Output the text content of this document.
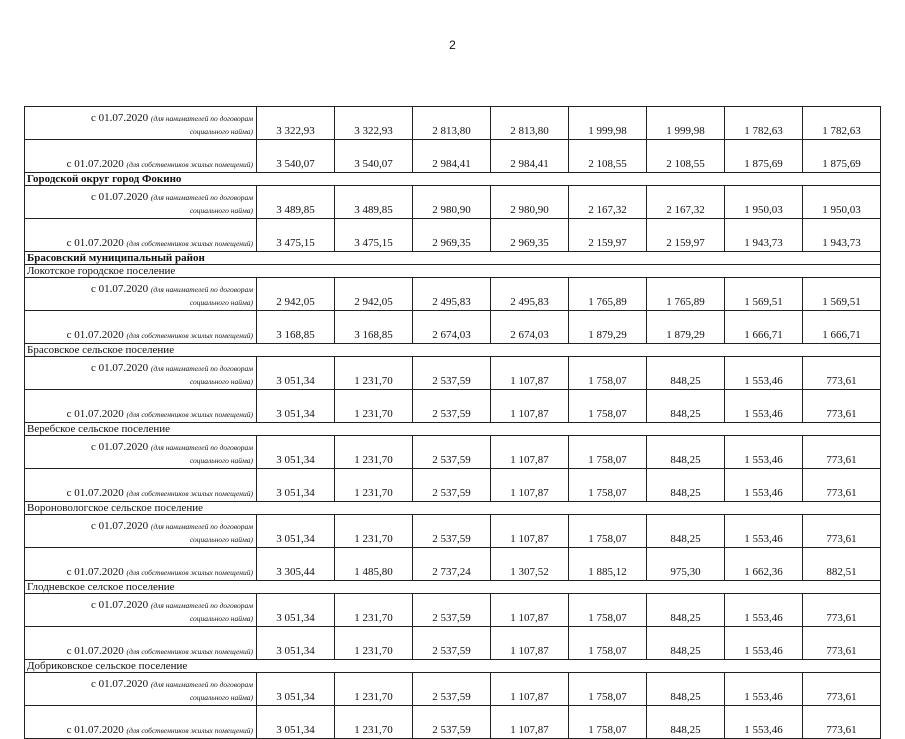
2
с 01.07.2020 (для нанимателей по договорам
социального найма)	3 322,93	3 322,93	2 813,80	2 813,80	1 999,98	1 999,98	1 782,63	1 782,63
с 01.07.2020 (для собственников жилых помещений)	3 540,07	3 540,07	2 984,41	2 984,41	2 108,55	2 108,55	1 875,69	1 875,69
Городской округ город Фокино								
с 01.07.2020 (для нанимателей по договорам
социального найма)	3 489,85	3 489,85	2 980,90	2 980,90	2 167,32	2 167,32	1 950,03	1 950,03
с 01.07.2020 (для собственников жилых помещений)	3 475,15	3 475,15	2 969,35	2 969,35	2 159,97	2 159,97	1 943,73	1 943,73
Брасовский муниципальный район								
Локотское городское поселение								
с 01.07.2020 (для нанимателей по договорам
социального найма)	2 942,05	2 942,05	2 495,83	2 495,83	1 765,89	1 765,89	1 569,51	1 569,51
с 01.07.2020 (для собственников жилых помещений)	3 168,85	3 168,85	2 674,03	2 674,03	1 879,29	1 879,29	1 666,71	1 666,71
Брасовское сельское поселение								
с 01.07.2020 (для нанимателей по договорам
социального найма)	3 051,34	1 231,70	2 537,59	1 107,87	1 758,07	848,25	1 553,46	773,61
с 01.07.2020 (для собственников жилых помещений)	3 051,34	1 231,70	2 537,59	1 107,87	1 758,07	848,25	1 553,46	773,61
Веребское сельское поселение								
с 01.07.2020 (для нанимателей по договорам
социального найма)	3 051,34	1 231,70	2 537,59	1 107,87	1 758,07	848,25	1 553,46	773,61
с 01.07.2020 (для собственников жилых помещений)	3 051,34	1 231,70	2 537,59	1 107,87	1 758,07	848,25	1 553,46	773,61
Вороновологское сельское поселение								
с 01.07.2020 (для нанимателей по договорам
социального найма)	3 051,34	1 231,70	2 537,59	1 107,87	1 758,07	848,25	1 553,46	773,61
с 01.07.2020 (для собственников жилых помещений)	3 305,44	1 485,80	2 737,24	1 307,52	1 885,12	975,30	1 662,36	882,51
Глодневское селское поселение								
с 01.07.2020 (для нанимателей по договорам
социального найма)	3 051,34	1 231,70	2 537,59	1 107,87	1 758,07	848,25	1 553,46	773,61
с 01.07.2020 (для собственников жилых помещений)	3 051,34	1 231,70	2 537,59	1 107,87	1 758,07	848,25	1 553,46	773,61
Добриковское сельское поселение								
с 01.07.2020 (для нанимателей по договорам
социального найма)	3 051,34	1 231,70	2 537,59	1 107,87	1 758,07	848,25	1 553,46	773,61
с 01.07.2020 (для собственников жилых помещений)	3 051,34	1 231,70	2 537,59	1 107,87	1 758,07	848,25	1 553,46	773,61
